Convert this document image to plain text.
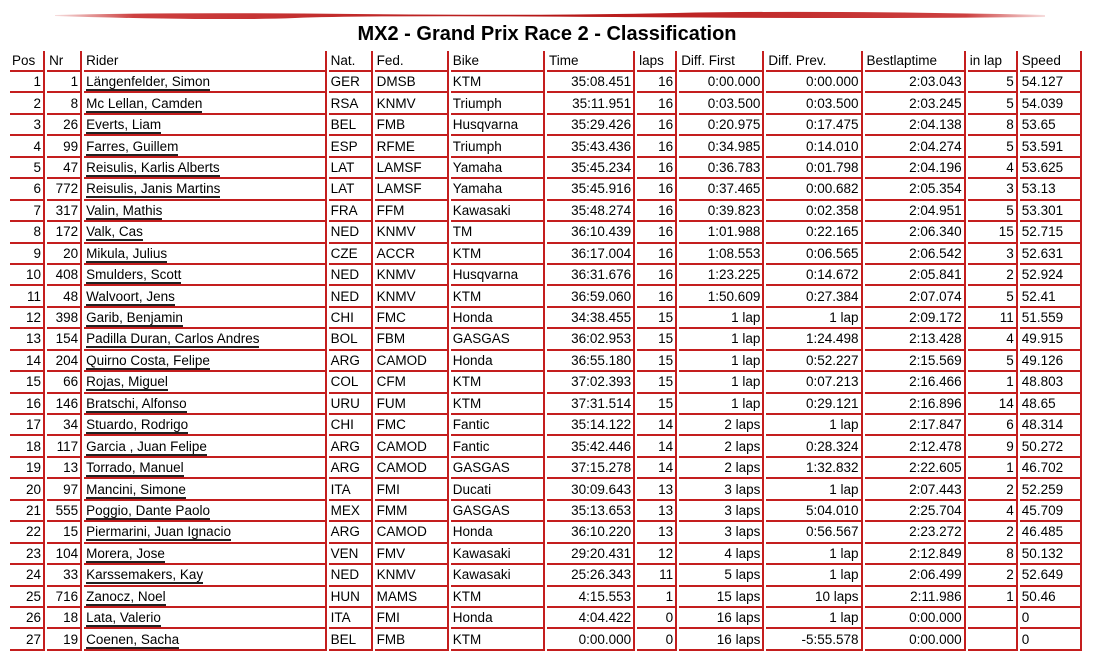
MX2 - Grand Prix Race 2 - Classification
Pos	Nr	Rider	Nat.	Fed.	Bike	Time	laps	Diff. First	Diff. Prev.	Bestlaptime	in lap	Speed
1	1	Längenfelder, Simon	GER	DMSB	KTM	35:08.451	16	0:00.000	0:00.000	2:03.043	5	54.127
2	8	Mc Lellan, Camden	RSA	KNMV	Triumph	35:11.951	16	0:03.500	0:03.500	2:03.245	5	54.039
3	26	Everts, Liam	BEL	FMB	Husqvarna	35:29.426	16	0:20.975	0:17.475	2:04.138	8	53.65
4	99	Farres, Guillem	ESP	RFME	Triumph	35:43.436	16	0:34.985	0:14.010	2:04.274	5	53.591
5	47	Reisulis, Karlis Alberts	LAT	LAMSF	Yamaha	35:45.234	16	0:36.783	0:01.798	2:04.196	4	53.625
6	772	Reisulis, Janis Martins	LAT	LAMSF	Yamaha	35:45.916	16	0:37.465	0:00.682	2:05.354	3	53.13
7	317	Valin, Mathis	FRA	FFM	Kawasaki	35:48.274	16	0:39.823	0:02.358	2:04.951	5	53.301
8	172	Valk, Cas	NED	KNMV	TM	36:10.439	16	1:01.988	0:22.165	2:06.340	15	52.715
9	20	Mikula, Julius	CZE	ACCR	KTM	36:17.004	16	1:08.553	0:06.565	2:06.542	3	52.631
10	408	Smulders, Scott	NED	KNMV	Husqvarna	36:31.676	16	1:23.225	0:14.672	2:05.841	2	52.924
11	48	Walvoort, Jens	NED	KNMV	KTM	36:59.060	16	1:50.609	0:27.384	2:07.074	5	52.41
12	398	Garib, Benjamin	CHI	FMC	Honda	34:38.455	15	1 lap	1 lap	2:09.172	11	51.559
13	154	Padilla Duran, Carlos Andres	BOL	FBM	GASGAS	36:02.953	15	1 lap	1:24.498	2:13.428	4	49.915
14	204	Quirno Costa, Felipe	ARG	CAMOD	Honda	36:55.180	15	1 lap	0:52.227	2:15.569	5	49.126
15	66	Rojas, Miguel	COL	CFM	KTM	37:02.393	15	1 lap	0:07.213	2:16.466	1	48.803
16	146	Bratschi, Alfonso	URU	FUM	KTM	37:31.514	15	1 lap	0:29.121	2:16.896	14	48.65
17	34	Stuardo, Rodrigo	CHI	FMC	Fantic	35:14.122	14	2 laps	1 lap	2:17.847	6	48.314
18	117	Garcia , Juan Felipe	ARG	CAMOD	Fantic	35:42.446	14	2 laps	0:28.324	2:12.478	9	50.272
19	13	Torrado, Manuel	ARG	CAMOD	GASGAS	37:15.278	14	2 laps	1:32.832	2:22.605	1	46.702
20	97	Mancini, Simone	ITA	FMI	Ducati	30:09.643	13	3 laps	1 lap	2:07.443	2	52.259
21	555	Poggio, Dante Paolo	MEX	FMM	GASGAS	35:13.653	13	3 laps	5:04.010	2:25.704	4	45.709
22	15	Piermarini, Juan Ignacio	ARG	CAMOD	Honda	36:10.220	13	3 laps	0:56.567	2:23.272	2	46.485
23	104	Morera, Jose	VEN	FMV	Kawasaki	29:20.431	12	4 laps	1 lap	2:12.849	8	50.132
24	33	Karssemakers, Kay	NED	KNMV	Kawasaki	25:26.343	11	5 laps	1 lap	2:06.499	2	52.649
25	716	Zanocz, Noel	HUN	MAMS	KTM	4:15.553	1	15 laps	10 laps	2:11.986	1	50.46
26	18	Lata, Valerio	ITA	FMI	Honda	4:04.422	0	16 laps	1 lap	0:00.000		0
27	19	Coenen, Sacha	BEL	FMB	KTM	0:00.000	0	16 laps	-5:55.578	0:00.000		0
